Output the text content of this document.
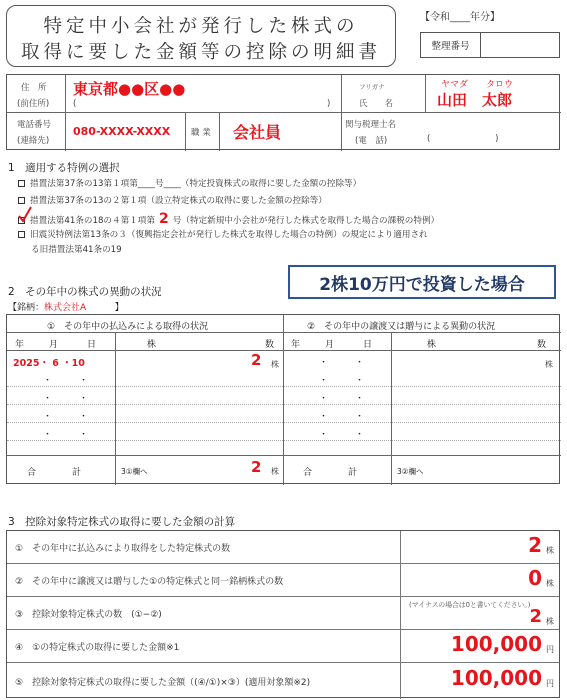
特定中小会社が発行した株式の
取得に要した金額等の控除の明細書
【令和____年分】
整理番号
住　所
(前住所)
東京都●●区●●
(	)
フリガナ
氏　　名
ヤマダ　　タロウ
山田　太郎
電話番号
(連絡先)
080-XXXX-XXXX 職 業 会社員	関与税理士名
(電　話)	(                        )
1　適用する特例の選択
措置法第37条の13第１項第____号____（特定投資株式の取得に要した金額の控除等）
措置法第37条の13の２第１項（設立特定株式の取得に要した金額の控除等）
措置法第41条の18の４第１項第 2 号（特定新規中小会社が発行した株式を取得した場合の課税の特例）
旧震災特例法第13条の３（復興指定会社が発行した株式を取得した場合の特例）の規定により適用され
る旧措置法第41条の19
2株10万円で投資した場合
2　その年中の株式の異動の状況
【銘柄：株式会社A	】
①　その年中の払込みによる取得の状況	②　その年中の譲渡又は贈与による異動の状況
年	月	日	株	数 年	月	日	株	数
2025・ 6 ・10	2 株	株
・　　　・
・　　　・
・　　　・
・　　　・
・　　　・
・　　　・
・　　　・
・　　　・
・　　　・
合　　　　計	3①欄へ	2 株	合　　　　計	3②欄へ
3　控除対象特定株式の取得に要した金額の計算
①　その年中に払込みにより取得をした特定株式の数	2 株
②　その年中に譲渡又は贈与した①の特定株式と同一銘柄株式の数	0 株
③　控除対象特定株式の数　(①−②)
(マイナスの場合は0と書いてください。)
2 株
④　①の特定株式の取得に要した金額※1	100,000 円
⑤　控除対象特定株式の取得に要した金額（(④/①)×③）(適用対象額※2)	100,000 円
